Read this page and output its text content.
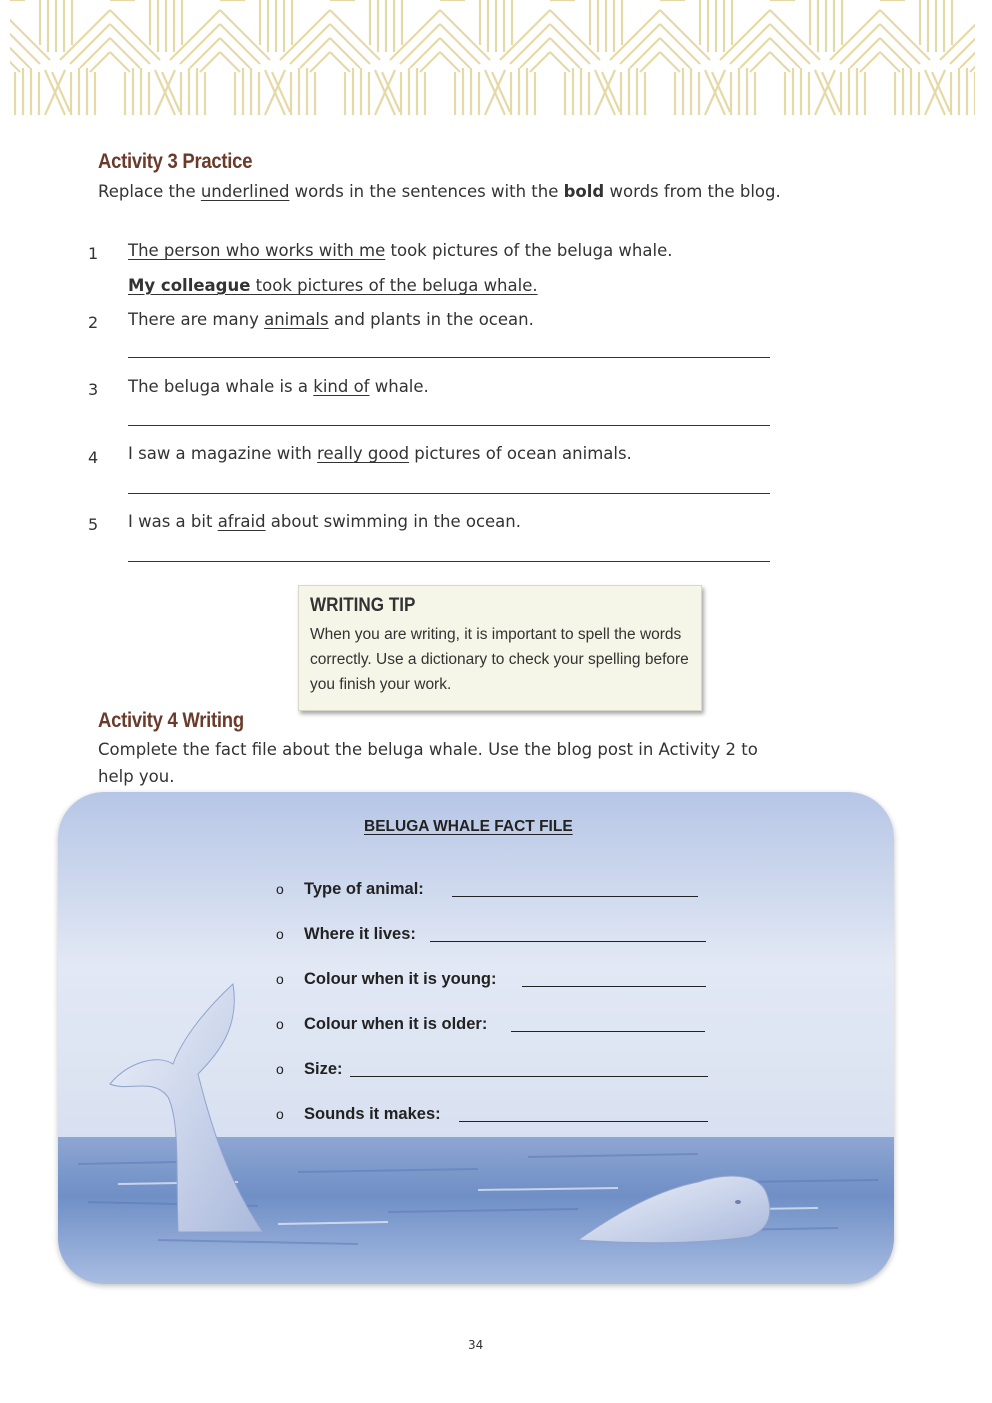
Activity 3 Practice
Replace the underlined words in the sentences with the bold words from the blog.
1 The person who works with me took pictures of the beluga whale.
My colleague took pictures of the beluga whale.
2 There are many animals and plants in the ocean.
3 The beluga whale is a kind of whale.
4 I saw a magazine with really good pictures of ocean animals.
5 I was a bit afraid about swimming in the ocean.
WRITING TIP
When you are writing, it is important to spell the words correctly. Use a dictionary to check your spelling before you finish your work.
Activity 4 Writing
Complete the fact file about the beluga whale. Use the blog post in Activity 2 to
help you.
BELUGA WHALE FACT FILE
o Type of animal:
o Where it lives:
o Colour when it is young:
o Colour when it is older:
o Size:
o Sounds it makes:
34
